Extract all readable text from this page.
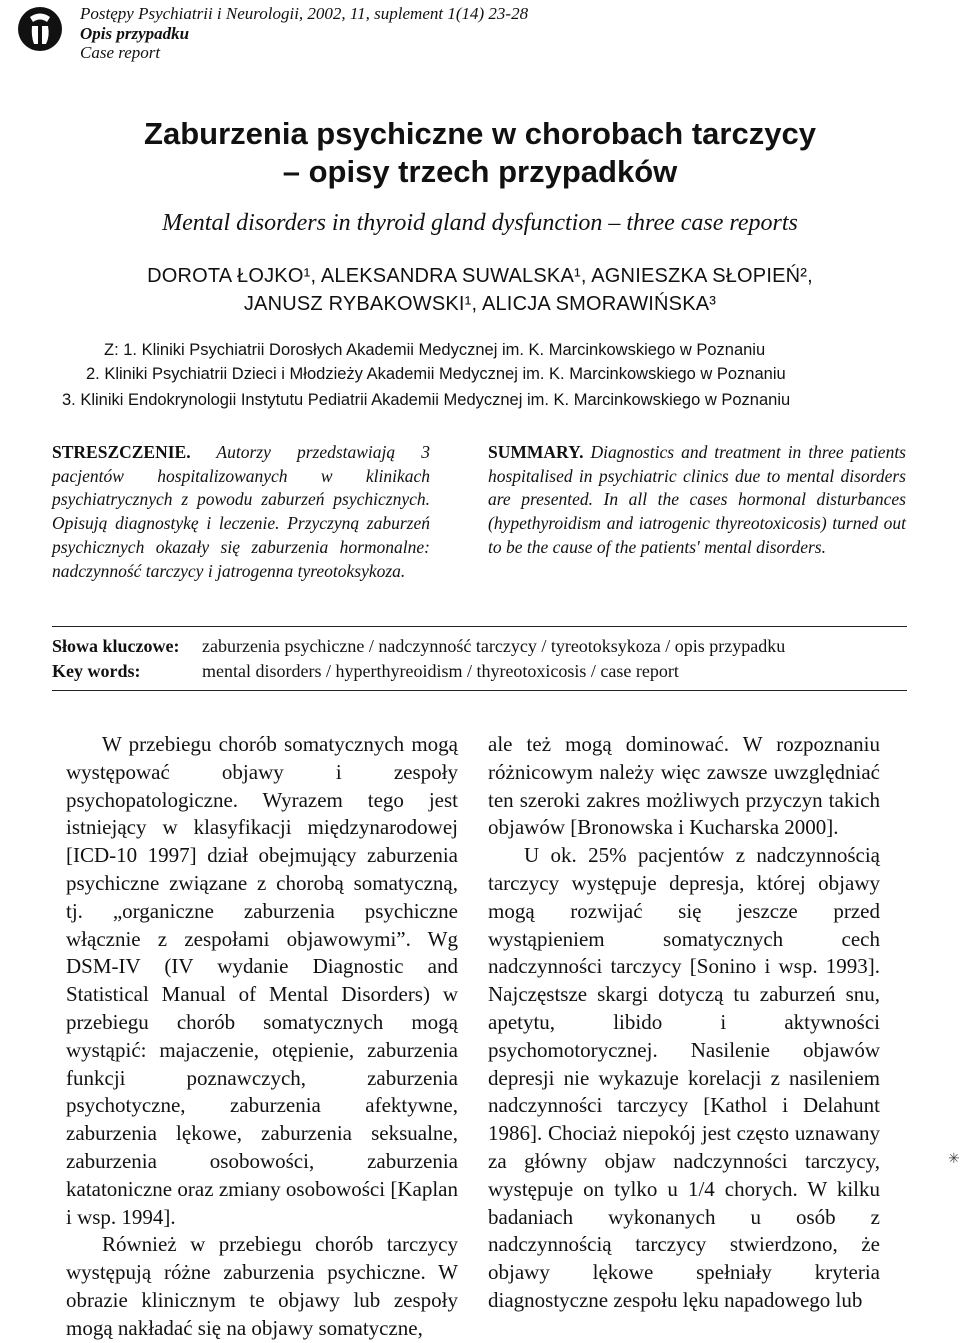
Postępy Psychiatrii i Neurologii, 2002, 11, suplement 1(14) 23-28
Opis przypadku
Case report
Zaburzenia psychiczne w chorobach tarczycy
– opisy trzech przypadków
Mental disorders in thyroid gland dysfunction – three case reports
DOROTA ŁOJKO¹, ALEKSANDRA SUWALSKA¹, AGNIESZKA SŁOPIEŃ²,
JANUSZ RYBAKOWSKI¹, ALICJA SMORAWIŃSKA³
Z: 1. Kliniki Psychiatrii Dorosłych Akademii Medycznej im. K. Marcinkowskiego w Poznaniu
2. Kliniki Psychiatrii Dzieci i Młodzieży Akademii Medycznej im. K. Marcinkowskiego w Poznaniu
3. Kliniki Endokrynologii Instytutu Pediatrii Akademii Medycznej im. K. Marcinkowskiego w Poznaniu
STRESZCZENIE. Autorzy przedstawiają 3 pacjentów hospitalizowanych w klinikach psychiatrycznych z powodu zaburzeń psychicznych. Opisują diagnostykę i leczenie. Przyczyną zaburzeń psychicznych okazały się zaburzenia hormonalne: nadczynność tarczycy i jatrogenna tyreotoksykoza.
SUMMARY. Diagnostics and treatment in three patients hospitalised in psychiatric clinics due to mental disorders are presented. In all the cases hormonal disturbances (hypethyroidism and iatrogenic thyreotoxicosis) turned out to be the cause of the patients' mental disorders.
Słowa kluczowe: zaburzenia psychiczne / nadczynność tarczycy / tyreotoksykoza / opis przypadku
Key words:	mental disorders / hyperthyreoidism / thyreotoxicosis / case report

W przebiegu chorób somatycznych mogą występować objawy i zespoły psychopatologiczne. Wyrazem tego jest istniejący w klasyfikacji międzynarodowej [ICD-10 1997] dział obejmujący zaburzenia psychiczne związane z chorobą somatyczną, tj. „organiczne zaburzenia psychiczne włącznie z zespołami objawowymi”. Wg DSM-IV (IV wydanie Diagnostic and Statistical Manual of Mental Disorders) w przebiegu chorób somatycznych mogą wystąpić: majaczenie, otępienie, zaburzenia funkcji poznawczych, zaburzenia psychotyczne, zaburzenia afektywne, zaburzenia lękowe, zaburzenia seksualne, zaburzenia osobowości, zaburzenia katatoniczne oraz zmiany osobowości [Kaplan i wsp. 1994].

Również w przebiegu chorób tarczycy występują różne zaburzenia psychiczne. W obrazie klinicznym te objawy lub zespoły mogą nakładać się na objawy somatyczne,

ale też mogą dominować. W rozpoznaniu różnicowym należy więc zawsze uwzględniać ten szeroki zakres możliwych przyczyn takich objawów [Bronowska i Kucharska 2000].

U ok. 25% pacjentów z nadczynnością tarczycy występuje depresja, której objawy mogą rozwijać się jeszcze przed wystąpieniem somatycznych cech nadczynności tarczycy [Sonino i wsp. 1993]. Najczęstsze skargi dotyczą tu zaburzeń snu, apetytu, libido i aktywności psychomotorycznej. Nasilenie objawów depresji nie wykazuje korelacji z nasileniem nadczynności tarczycy [Kathol i Delahunt 1986]. Chociaż niepokój jest często uznawany za główny objaw nadczynności tarczycy, występuje on tylko u 1/4 chorych. W kilku badaniach wykonanych u osób z nadczynnością tarczycy stwierdzono, że objawy lękowe spełniały kryteria diagnostyczne zespołu lęku napadowego lub

✳
